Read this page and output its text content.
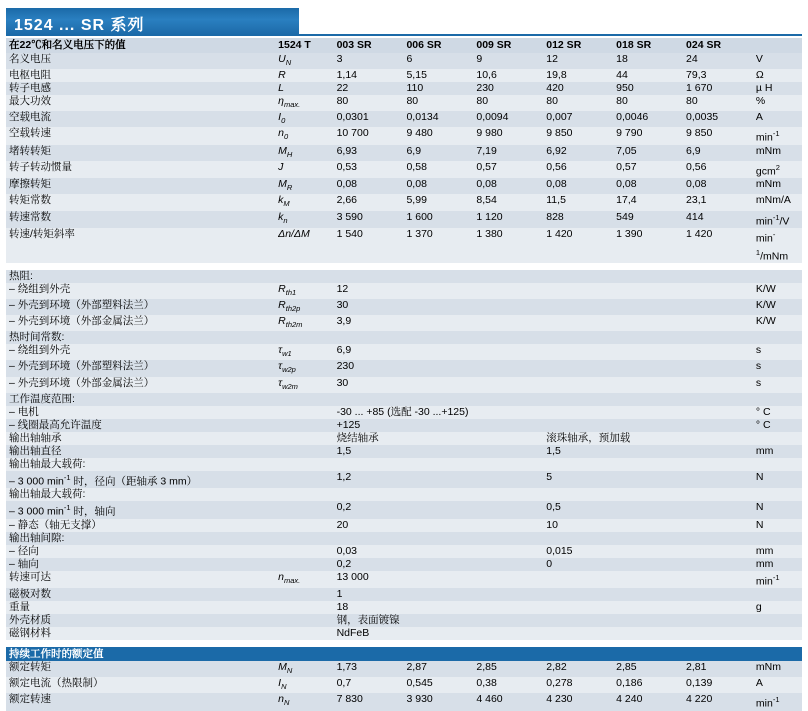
1524 ... SR 系列
在22℃和名义电压下的值	1524 T	003 SR	006 SR	009 SR	012 SR	018 SR	024 SR	
名义电压	$U_N$	3	6	9	12	18	24	V
电枢电阻	R	1,14	5,15	10,6	19,8	44	79,3	Ω
转子电感	L	22	110	230	420	950	1 670	µ H
最大功效	$\eta_{max.}$	80	80	80	80	80	80	%
空载电流	$I_0$	0,0301	0,0134	0,0094	0,007	0,0046	0,0035	A
空载转速	$n_0$	10 700	9 480	9 980	9 850	9 790	9 850	$\min^{-1}$
堵转转矩	$M_H$	6,93	6,9	7,19	6,92	7,05	6,9	mNm
转子转动惯量	J	0,53	0,58	0,57	0,56	0,57	0,56	gcm$^2$
摩擦转矩	$M_R$	0,08	0,08	0,08	0,08	0,08	0,08	mNm
转矩常数	$k_M$	2,66	5,99	8,54	11,5	17,4	23,1	mNm/A
转速常数	$k_n$	3 590	1 600	1 120	828	549	414	$\min^{-1}/V$
转速/转矩斜率	Δn/ΔM	1 540	1 370	1 380	1 420	1 390	1 420	$\min^{-1}$/mNm

热阻:								
– 绕组到外壳	$R_{th1}$	12						K/W
– 外壳到环境（外部塑料法兰）	$R_{th2p}$	30						K/W
– 外壳到环境（外部金属法兰）	$R_{th2m}$	3,9						K/W
热时间常数:								
– 绕组到外壳	$\tau_{w1}$	6,9						s
– 外壳到环境（外部塑料法兰）	$\tau_{w2p}$	230						s
– 外壳到环境（外部金属法兰）	$\tau_{w2m}$	30						s
工作温度范围:								
– 电机		-30 ... +85 (选配 -30 ...+125)						° C
– 线圈最高允许温度		+125						° C
输出轴轴承		烧结轴承			滚珠轴承，预加载			
输出轴直径		1,5			1,5			mm
输出轴最大载荷:								
– 3 000 $\min^{-1}$ 时，径向（距轴承 3 mm）		1,2			5			N
输出轴最大载荷:								
– 3 000 $\min^{-1}$ 时，轴向		0,2			0,5			N
– 静态（轴无支撑）		20			10			N
输出轴间隙:								
– 径向		0,03			0,015			mm
– 轴向		0,2			0			mm
转速可达	$n_{max.}$	13 000						$\min^{-1}$
磁极对数		1						
重量		18						g
外壳材质		钢，表面镀镍						
磁钢材料		NdFeB						

持续工作时的额定值								
额定转矩	$M_N$	1,73	2,87	2,85	2,82	2,85	2,81	mNm
额定电流（热限制）	$I_N$	0,7	0,545	0,38	0,278	0,186	0,139	A
额定转速	$n_N$	7 830	3 930	4 460	4 230	4 240	4 220	$\min^{-1}$
